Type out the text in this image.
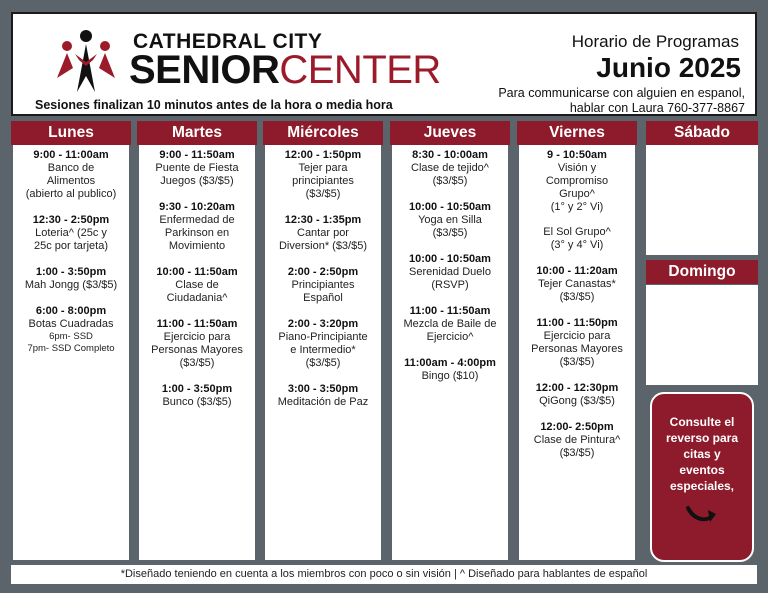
CATHEDRAL CITY
SENIORCENTER
Sesiones finalizan 10 minutos antes de la hora o media hora
Horario de Programas
Junio 2025
Para communicarse con alguien en espanol,
hablar con Laura 760-377-8867
Lunes
9:00 - 11:00am
Banco de
Alimentos
(abierto al publico)
12:30 - 2:50pm
Loteria^ (25c y
25c por tarjeta)
1:00 - 3:50pm
Mah Jongg ($3/$5)
6:00 - 8:00pm
Botas Cuadradas
6pm- SSD
7pm- SSD Completo
Martes
9:00 - 11:50am
Puente de Fiesta
Juegos ($3/$5)
9:30 - 10:20am
Enfermedad de
Parkinson en
Movimiento
10:00 - 11:50am
Clase de
Ciudadania^
11:00 - 11:50am
Ejercicio para
Personas Mayores
($3/$5)
1:00 - 3:50pm
Bunco ($3/$5)
Miércoles
12:00 - 1:50pm
Tejer para
principiantes
($3/$5)
12:30 - 1:35pm
Cantar por
Diversion* ($3/$5)
2:00 - 2:50pm
Principiantes
Español
2:00 - 3:20pm
Piano-Principiante
e Intermedio*
($3/$5)
3:00 - 3:50pm
Meditación de Paz
Jueves
8:30 - 10:00am
Clase de tejido^
($3/$5)
10:00 - 10:50am
Yoga en Silla
($3/$5)
10:00 - 10:50am
Serenidad Duelo
(RSVP)
11:00 - 11:50am
Mezcla de Baile de
Ejercicio^
11:00am - 4:00pm
Bingo ($10)
Viernes
9 - 10:50am
Visión y
Compromiso
Grupo^
(1° y 2° Vi)
El Sol Grupo^
(3° y 4° Vi)
10:00 - 11:20am
Tejer Canastas*
($3/$5)
11:00 - 11:50pm
Ejercicio para
Personas Mayores
($3/$5)
12:00 - 12:30pm
QiGong ($3/$5)
12:00- 2:50pm
Clase de Pintura^
($3/$5)
Sábado
Domingo
Consulte el
reverso para
citas y
eventos
especiales,
*Diseñado teniendo en cuenta a los miembros con poco o sin visión | ^ Diseñado para hablantes de español
